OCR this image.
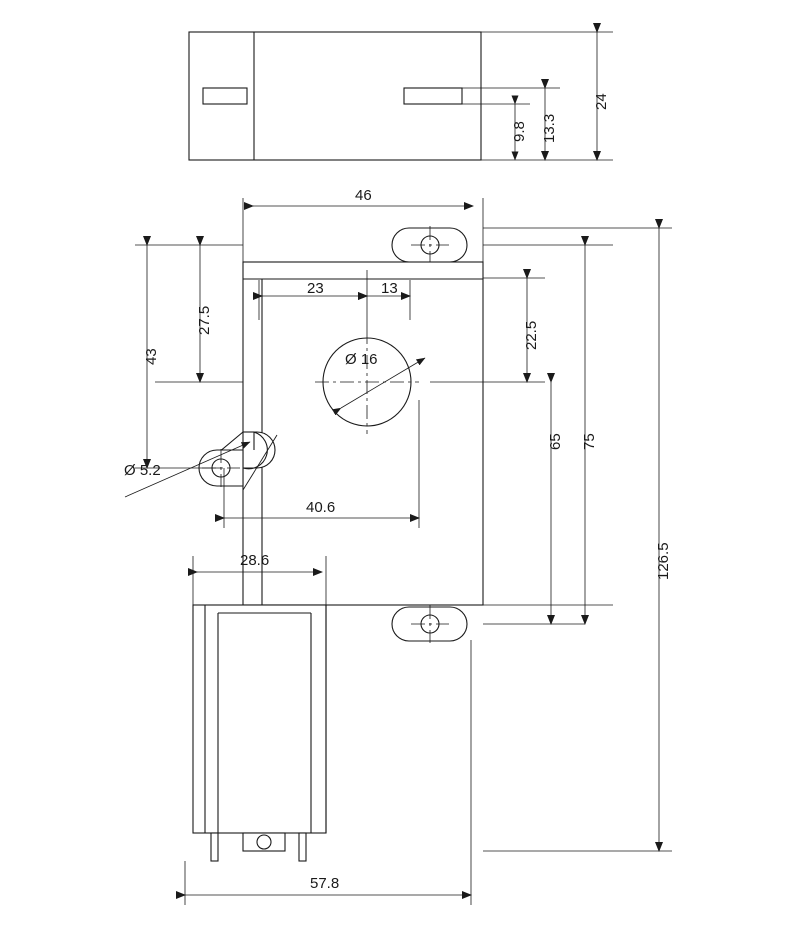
24
13.3
9.8
46
23	13
27.5
43
22.5
65 75
126.5
Ø 16
Ø 5.2
40.6
28.6
57.8
